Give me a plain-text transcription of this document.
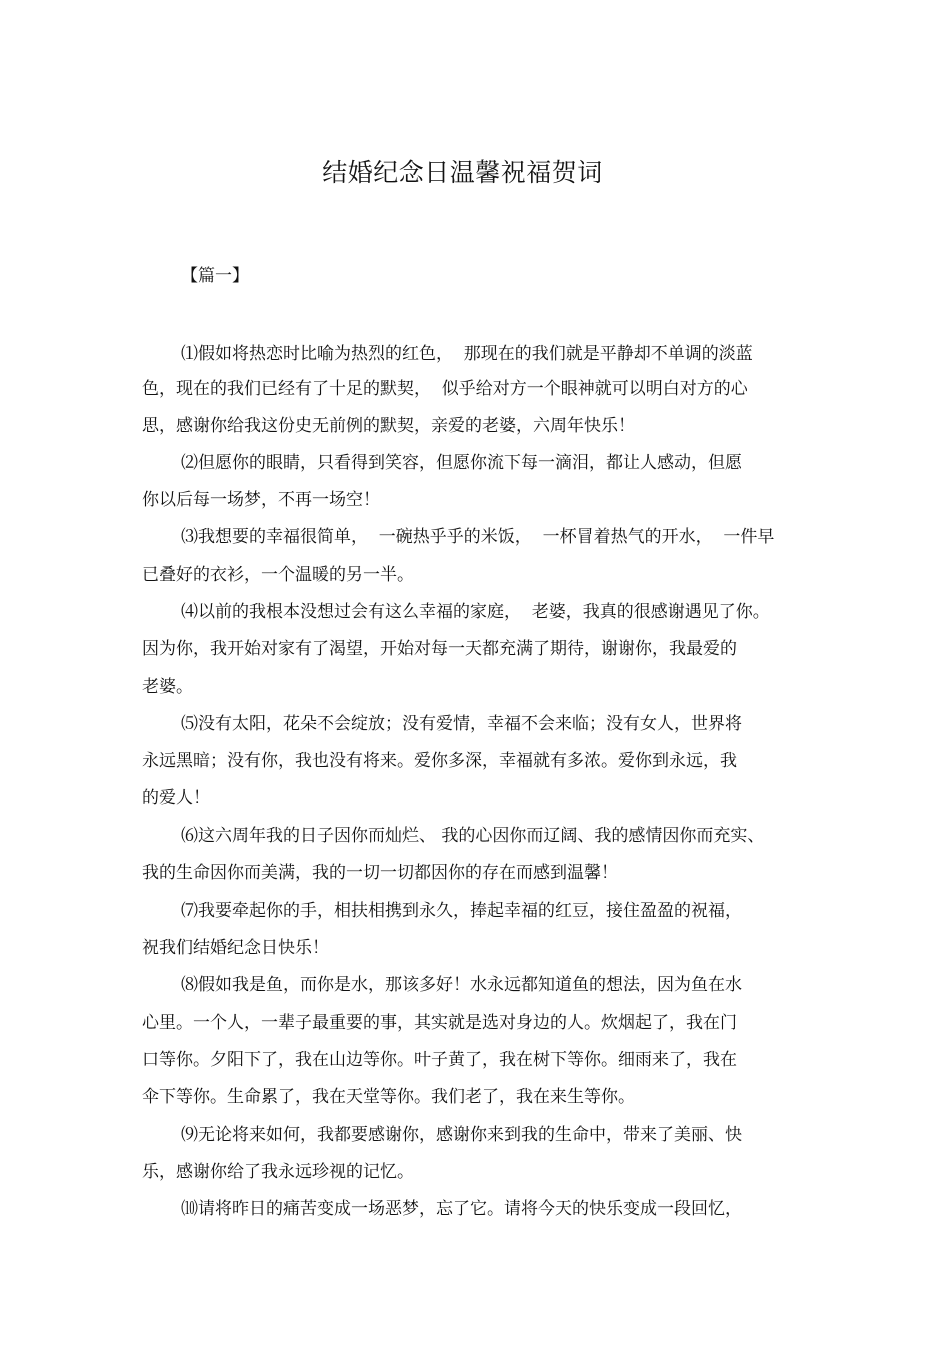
结婚纪念日温馨祝福贺词
【篇一】
⑴假如将热恋时比喻为热烈的红色，  那现在的我们就是平静却不单调的淡蓝
色，现在的我们已经有了十足的默契，  似乎给对方一个眼神就可以明白对方的心
思，感谢你给我这份史无前例的默契，亲爱的老婆，六周年快乐！
⑵但愿你的眼睛，只看得到笑容，但愿你流下每一滴泪，都让人感动，但愿
你以后每一场梦，不再一场空！
⑶我想要的幸福很简单，  一碗热乎乎的米饭，  一杯冒着热气的开水，  一件早
已叠好的衣衫，一个温暖的另一半。
⑷以前的我根本没想过会有这么幸福的家庭，  老婆，我真的很感谢遇见了你。
因为你，我开始对家有了渴望，开始对每一天都充满了期待，谢谢你，我最爱的
老婆。
⑸没有太阳，花朵不会绽放；没有爱情，幸福不会来临；没有女人，世界将
永远黑暗；没有你，我也没有将来。爱你多深，幸福就有多浓。爱你到永远，我
的爱人！
⑹这六周年我的日子因你而灿烂、 我的心因你而辽阔、我的感情因你而充实、
我的生命因你而美满，我的一切一切都因你的存在而感到温馨！
⑺我要牵起你的手，相扶相携到永久，捧起幸福的红豆，接住盈盈的祝福，
祝我们结婚纪念日快乐！
⑻假如我是鱼，而你是水，那该多好！水永远都知道鱼的想法，因为鱼在水
心里。一个人，一辈子最重要的事，其实就是选对身边的人。炊烟起了，我在门
口等你。夕阳下了，我在山边等你。叶子黄了，我在树下等你。细雨来了，我在
伞下等你。生命累了，我在天堂等你。我们老了，我在来生等你。
⑼无论将来如何，我都要感谢你，感谢你来到我的生命中，带来了美丽、快
乐，感谢你给了我永远珍视的记忆。
⑽请将昨日的痛苦变成一场恶梦，忘了它。请将今天的快乐变成一段回忆，
